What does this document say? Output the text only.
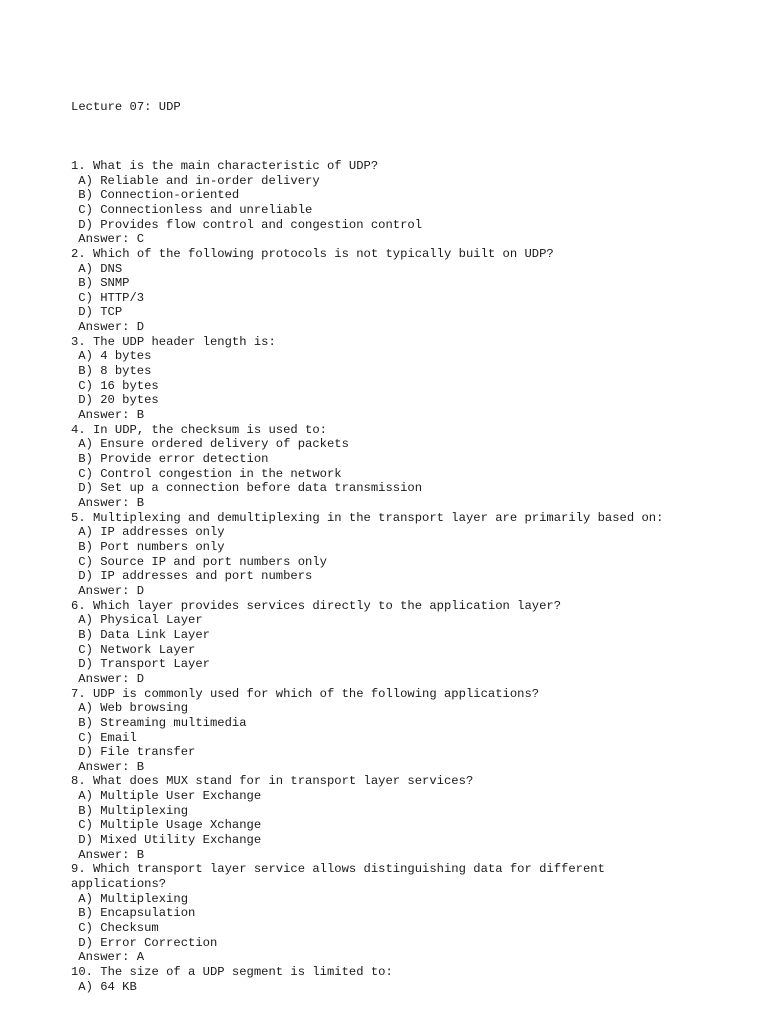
Lecture 07: UDP

1. What is the main characteristic of UDP?
A) Reliable and in-order delivery
B) Connection-oriented
C) Connectionless and unreliable
D) Provides flow control and congestion control
Answer: C
2. Which of the following protocols is not typically built on UDP?
A) DNS
B) SNMP
C) HTTP/3
D) TCP
Answer: D
3. The UDP header length is:
A) 4 bytes
B) 8 bytes
C) 16 bytes
D) 20 bytes
Answer: B
4. In UDP, the checksum is used to:
A) Ensure ordered delivery of packets
B) Provide error detection
C) Control congestion in the network
D) Set up a connection before data transmission
Answer: B
5. Multiplexing and demultiplexing in the transport layer are primarily based on:
A) IP addresses only
B) Port numbers only
C) Source IP and port numbers only
D) IP addresses and port numbers
Answer: D
6. Which layer provides services directly to the application layer?
A) Physical Layer
B) Data Link Layer
C) Network Layer
D) Transport Layer
Answer: D
7. UDP is commonly used for which of the following applications?
A) Web browsing
B) Streaming multimedia
C) Email
D) File transfer
Answer: B
8. What does MUX stand for in transport layer services?
A) Multiple User Exchange
B) Multiplexing
C) Multiple Usage Xchange
D) Mixed Utility Exchange
Answer: B
9. Which transport layer service allows distinguishing data for different
applications?
A) Multiplexing
B) Encapsulation
C) Checksum
D) Error Correction
Answer: A
10. The size of a UDP segment is limited to:
A) 64 KB
